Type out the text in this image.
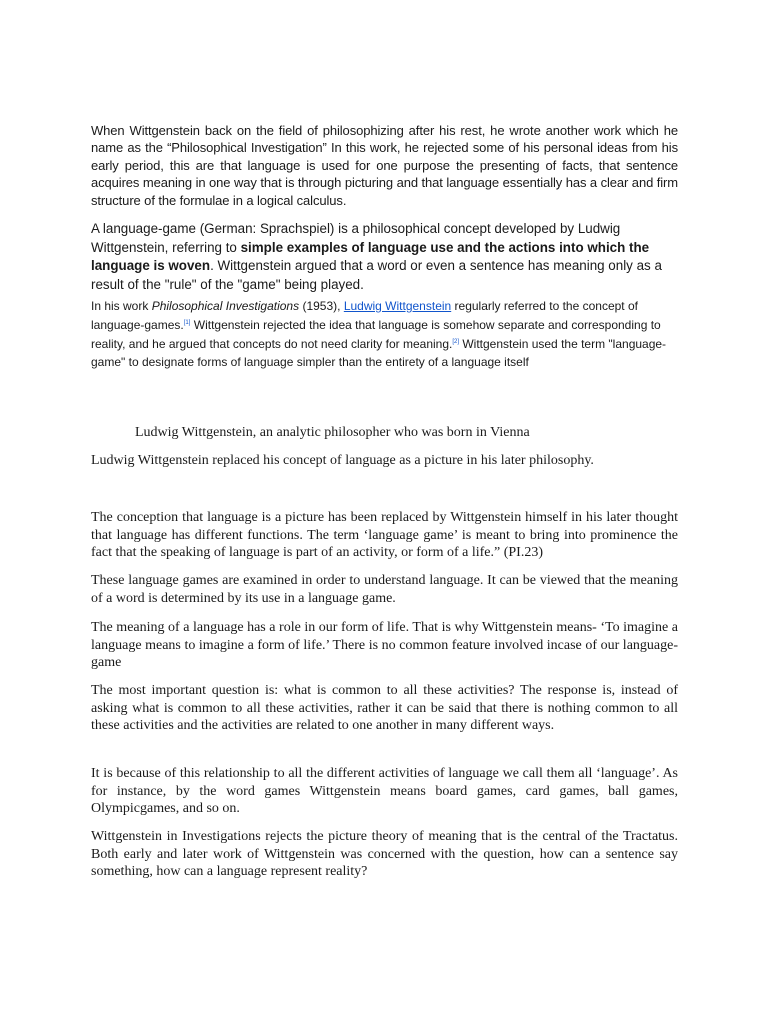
When Wittgenstein back on the field of philosophizing after his rest, he wrote another work which he name as the “Philosophical Investigation” In this work, he rejected some of his personal ideas from his early period, this are that language is used for one purpose the presenting of facts, that sentence acquires meaning in one way that is through picturing and that language essentially has a clear and firm structure of the formulae in a logical calculus.

A language-game (German: Sprachspiel) is a philosophical concept developed by Ludwig Wittgenstein, referring to simple examples of language use and the actions into which the language is woven. Wittgenstein argued that a word or even a sentence has meaning only as a result of the "rule" of the "game" being played.

In his work Philosophical Investigations (1953), Ludwig Wittgenstein regularly referred to the concept of language-games.[1] Wittgenstein rejected the idea that language is somehow separate and corresponding to reality, and he argued that concepts do not need clarity for meaning.[2] Wittgenstein used the term "language-game" to designate forms of language simpler than the entirety of a language itself

Ludwig Wittgenstein, an analytic philosopher who was born in Vienna

Ludwig Wittgenstein replaced his concept of language as a picture in his later philosophy.

The conception that language is a picture has been replaced by Wittgenstein himself in his later thought that language has different functions. The term ‘language game’ is meant to bring into prominence the fact that the speaking of language is part of an activity, or form of a life.” (PI.23)

These language games are examined in order to understand language. It can be viewed that the meaning of a word is determined by its use in a language game.

The meaning of a language has a role in our form of life. That is why Wittgenstein means- ‘To imagine a language means to imagine a form of life.’ There is no common feature involved incase of our language-game

The most important question is: what is common to all these activities? The response is, instead of asking what is common to all these activities, rather it can be said that there is nothing common to all these activities and the activities are related to one another in many different ways.

It is because of this relationship to all the different activities of language we call them all ‘language’. As for instance, by the word games Wittgenstein means board games, card games, ball games, Olympicgames, and so on.

Wittgenstein in Investigations rejects the picture theory of meaning that is the central of the Tractatus. Both early and later work of Wittgenstein was concerned with the question, how can a sentence say something, how can a language represent reality?
